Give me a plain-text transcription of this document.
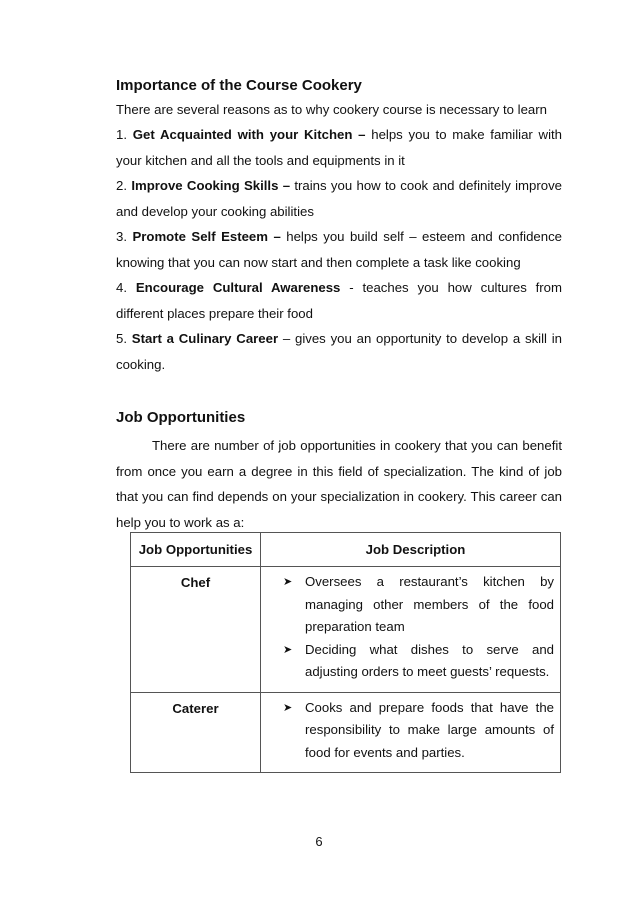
Importance of the Course Cookery

There are several reasons as to why cookery course is necessary to learn

1. Get Acquainted with your Kitchen – helps you to make familiar with your kitchen and all the tools and equipments in it

2. Improve Cooking Skills – trains you how to cook and definitely improve and develop your cooking abilities

3. Promote Self Esteem – helps you build self – esteem and confidence knowing that you can now start and then complete a task like cooking

4. Encourage Cultural Awareness - teaches you how cultures from different places prepare their food

5. Start a Culinary Career – gives you an opportunity to develop a skill in cooking.

Job Opportunities

There are number of job opportunities in cookery that you can benefit from once you earn a degree in this field of specialization. The kind of job that you can find depends on your specialization in cookery. This career can help you to work as a:

Job Opportunities	Job Description
Chef	➤ Oversees a restaurant’s kitchen by managing other members of the food preparation team
➤ Deciding what dishes to serve and adjusting orders to meet guests’ requests.

Caterer	➤ Cooks and prepare foods that have the responsibility to make large amounts of food for events and parties.
6
